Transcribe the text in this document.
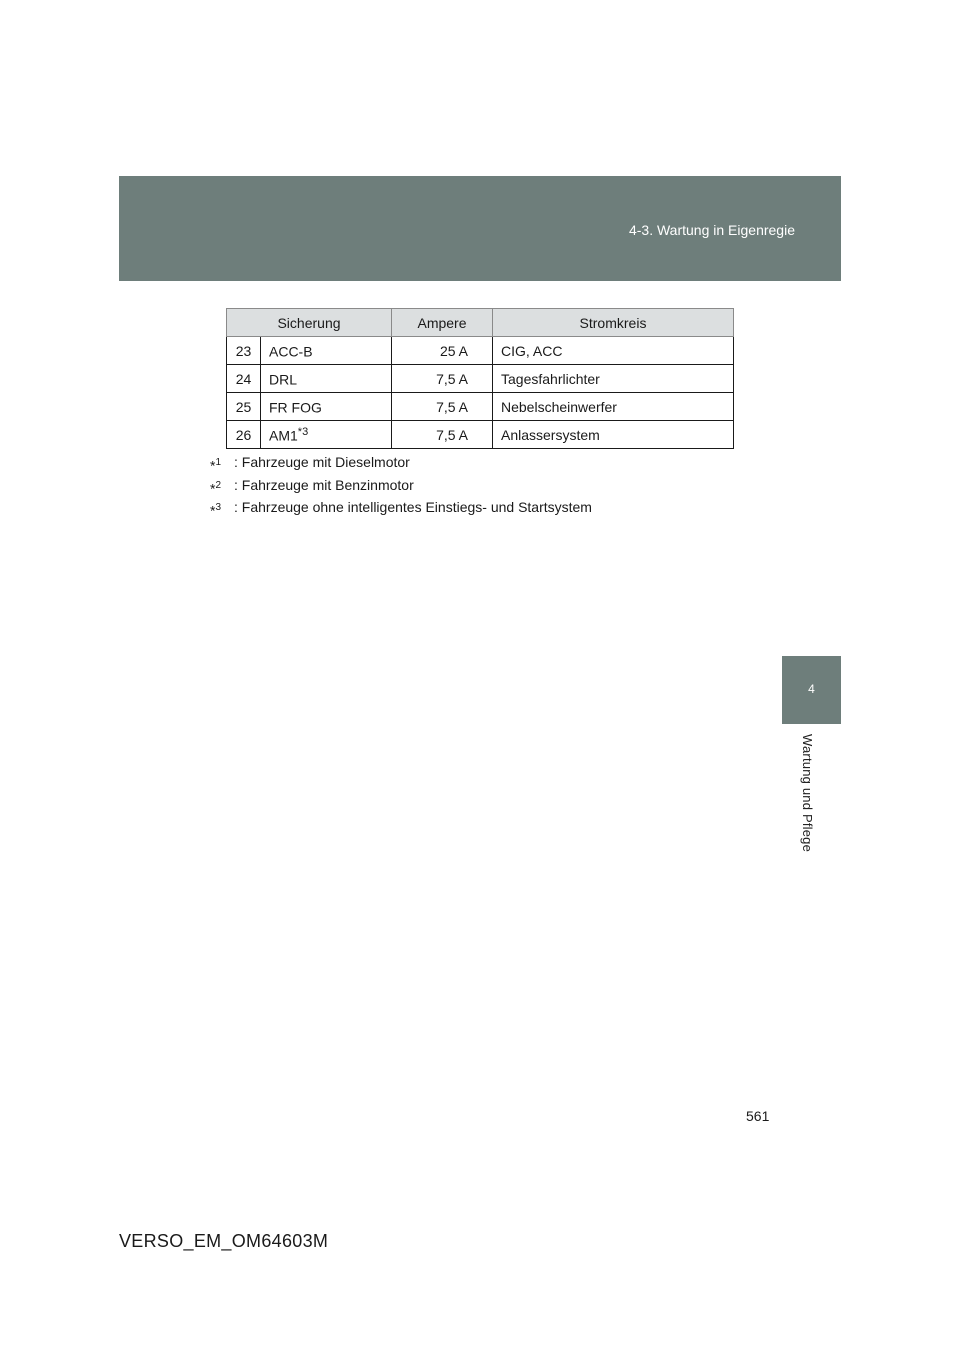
4-3. Wartung in Eigenregie
4
Wartung und Pflege
Sicherung		Ampere	Stromkreis
23	ACC-B	25 A	CIG, ACC
24	DRL	7,5 A	Tagesfahrlichter
25	FR FOG	7,5 A	Nebelscheinwerfer
26	AM1$^{*3}$	7,5 A	Anlassersystem
*$^1$ : Fahrzeuge mit Dieselmotor
*$^2$ : Fahrzeuge mit Benzinmotor
*$^3$ : Fahrzeuge ohne intelligentes Einstiegs- und Startsystem
561
VERSO_EM_OM64603M
